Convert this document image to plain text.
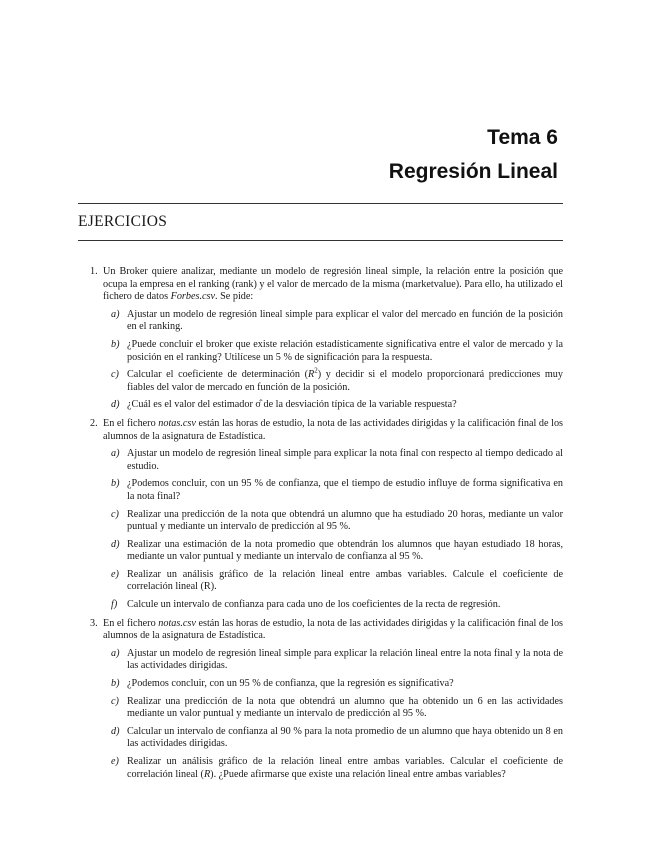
Tema 6
Regresión Lineal
EJERCICIOS
1. Un Broker quiere analizar, mediante un modelo de regresión lineal simple, la relación entre la posición que ocupa la empresa en el ranking (rank) y el valor de mercado de la misma (marketvalue). Para ello, ha utilizado el fichero de datos Forbes.csv. Se pide:
a) Ajustar un modelo de regresión lineal simple para explicar el valor del mercado en función de la posición en el ranking.
b) ¿Puede concluir el broker que existe relación estadísticamente significativa entre el valor de mercado y la posición en el ranking? Utilícese un 5 % de significación para la respuesta.
c) Calcular el coeficiente de determinación $(R^2)$ y decidir si el modelo proporcionará predicciones muy fiables del valor de mercado en función de la posición.
d) ¿Cuál es el valor del estimador σ̂ de la desviación típica de la variable respuesta?
2. En el fichero notas.csv están las horas de estudio, la nota de las actividades dirigidas y la calificación final de los alumnos de la asignatura de Estadística.
a) Ajustar un modelo de regresión lineal simple para explicar la nota final con respecto al tiempo dedicado al estudio.
b) ¿Podemos concluir, con un 95 % de confianza, que el tiempo de estudio influye de forma significativa en la nota final?
c) Realizar una predicción de la nota que obtendrá un alumno que ha estudiado 20 horas, mediante un valor puntual y mediante un intervalo de predicción al 95 %.
d) Realizar una estimación de la nota promedio que obtendrán los alumnos que hayan estudiado 18 horas, mediante un valor puntual y mediante un intervalo de confianza al 95 %.
e) Realizar un análisis gráfico de la relación lineal entre ambas variables. Calcule el coeficiente de correlación lineal (R).
f) Calcule un intervalo de confianza para cada uno de los coeficientes de la recta de regresión.
3. En el fichero notas.csv están las horas de estudio, la nota de las actividades dirigidas y la calificación final de los alumnos de la asignatura de Estadística.
a) Ajustar un modelo de regresión lineal simple para explicar la relación lineal entre la nota final y la nota de las actividades dirigidas.
b) ¿Podemos concluir, con un 95 % de confianza, que la regresión es significativa?
c) Realizar una predicción de la nota que obtendrá un alumno que ha obtenido un 6 en las actividades mediante un valor puntual y mediante un intervalo de predicción al 95 %.
d) Calcular un intervalo de confianza al 90 % para la nota promedio de un alumno que haya obtenido un 8 en las actividades dirigidas.
e) Realizar un análisis gráfico de la relación lineal entre ambas variables. Calcular el coeficiente de correlación lineal (R). ¿Puede afirmarse que existe una relación lineal entre ambas variables?
